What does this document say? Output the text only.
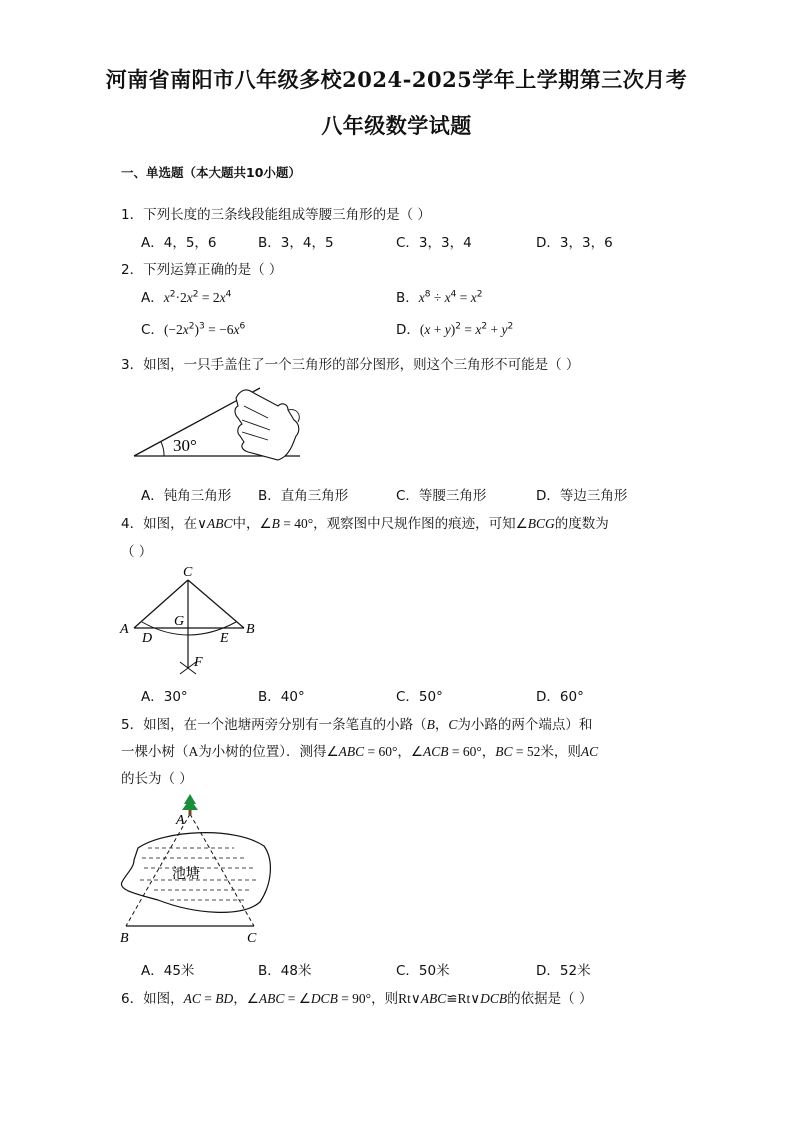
河南省南阳市八年级多校2024-2025学年上学期第三次月考
八年级数学试题
一、单选题（本大题共10小题）
1．下列长度的三条线段能组成等腰三角形的是（ ）
A．4，5，6	B．3，4，5	C．3，3，4	D．3，3，6
2．下列运算正确的是（ ）
A．$x^2\cdot 2x^2 = 2x^4$	B．$x^8 \div x^4 = x^2$
C．$(-2x^2)^3 = -6x^6$	D．$(x + y)^2 = x^2 + y^2$
3．如图，一只手盖住了一个三角形的部分图形，则这个三角形不可能是（ ）
30°
A．钝角三角形 B．直角三角形	C．等腰三角形	D．等边三角形
4．如图，在∨ABC中，∠B = 40°，观察图中尺规作图的痕迹，可知∠BCG的度数为
（ ）
C
A	B
G
D	E
F
A．30°	B．40°	C．50°	D．60°
5．如图，在一个池塘两旁分别有一条笔直的小路（B，C为小路的两个端点）和
一棵小树（A为小树的位置）．测得∠ABC = 60°，∠ACB = 60°，BC = 52米，则AC
的长为（ ）
A
B	C
池塘
A．45米	B．48米	C．50米	D．52米
6．如图，AC = BD，∠ABC = ∠DCB = 90°，则Rt∨ABC≌Rt∨DCB的依据是（ ）
